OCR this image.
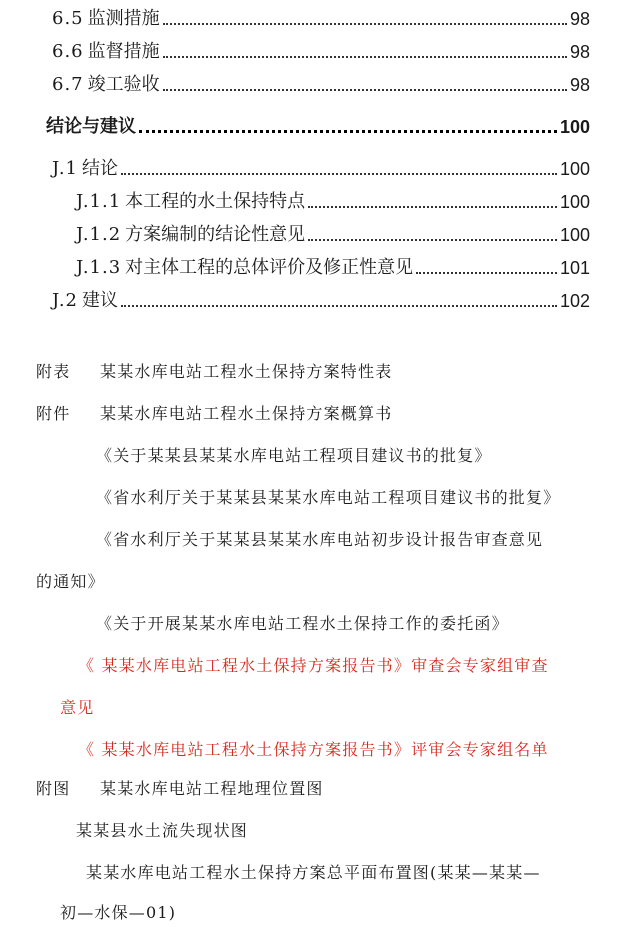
6.5 监测措施	98
6.6 监督措施	98
6.7 竣工验收	98
结论与建议	100
J.1 结论	100
J.1.1 本工程的水土保持特点	100
J.1.2 方案编制的结论性意见	100
J.1.3 对主体工程的总体评价及修正性意见	101
J.2 建议	102
附表 某某水库电站工程水土保持方案特性表
附件 某某水库电站工程水土保持方案概算书
《关于某某县某某水库电站工程项目建议书的批复》
《省水利厅关于某某县某某水库电站工程项目建议书的批复》
《省水利厅关于某某县某某水库电站初步设计报告审查意见
的通知》
《关于开展某某水库电站工程水土保持工作的委托函》
《 某某水库电站工程水土保持方案报告书》审查会专家组审查
意见
《 某某水库电站工程水土保持方案报告书》评审会专家组名单
附图 某某水库电站工程地理位置图
某某县水土流失现状图
某某水库电站工程水土保持方案总平面布置图(某某—某某—
初—水保—01)
